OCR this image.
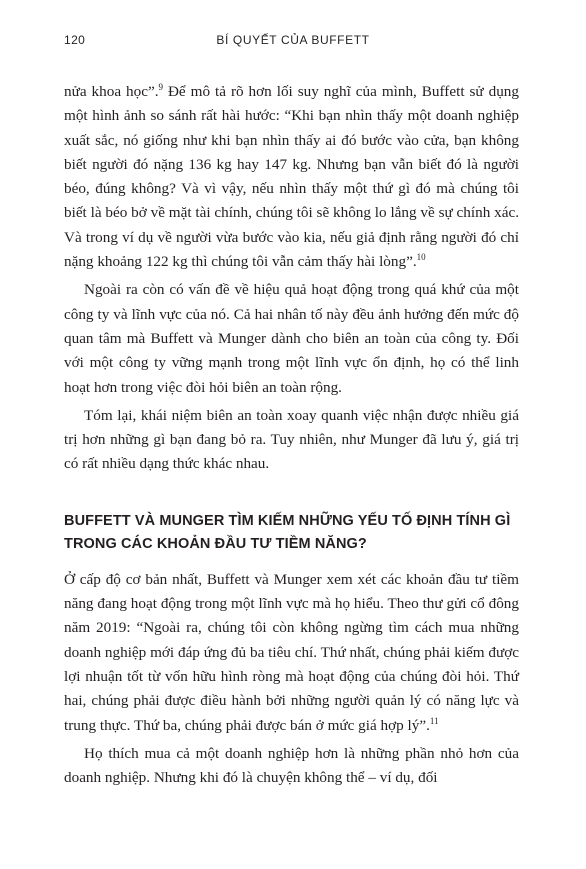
120	BÍ QUYẾT CỦA BUFFETT

nửa khoa học”.$^9$ Để mô tả rõ hơn lối suy nghĩ của mình, Buffett sử dụng một hình ảnh so sánh rất hài hước: “Khi bạn nhìn thấy một doanh nghiệp xuất sắc, nó giống như khi bạn nhìn thấy ai đó bước vào cửa, bạn không biết người đó nặng 136 kg hay 147 kg. Nhưng bạn vẫn biết đó là người béo, đúng không? Và vì vậy, nếu nhìn thấy một thứ gì đó mà chúng tôi biết là béo bở về mặt tài chính, chúng tôi sẽ không lo lắng về sự chính xác. Và trong ví dụ về người vừa bước vào kia, nếu giả định rằng người đó chỉ nặng khoảng 122 kg thì chúng tôi vẫn cảm thấy hài lòng”.$^{10}$

Ngoài ra còn có vấn đề về hiệu quả hoạt động trong quá khứ của một công ty và lĩnh vực của nó. Cả hai nhân tố này đều ảnh hưởng đến mức độ quan tâm mà Buffett và Munger dành cho biên an toàn của công ty. Đối với một công ty vững mạnh trong một lĩnh vực ổn định, họ có thể linh hoạt hơn trong việc đòi hỏi biên an toàn rộng.

Tóm lại, khái niệm biên an toàn xoay quanh việc nhận được nhiều giá trị hơn những gì bạn đang bỏ ra. Tuy nhiên, như Munger đã lưu ý, giá trị có rất nhiều dạng thức khác nhau.

BUFFETT VÀ MUNGER TÌM KIẾM NHỮNG YẾU TỐ ĐỊNH TÍNH GÌ TRONG CÁC KHOẢN ĐẦU TƯ TIỀM NĂNG?

Ở cấp độ cơ bản nhất, Buffett và Munger xem xét các khoản đầu tư tiềm năng đang hoạt động trong một lĩnh vực mà họ hiểu. Theo thư gửi cổ đông năm 2019: “Ngoài ra, chúng tôi còn không ngừng tìm cách mua những doanh nghiệp mới đáp ứng đủ ba tiêu chí. Thứ nhất, chúng phải kiếm được lợi nhuận tốt từ vốn hữu hình ròng mà hoạt động của chúng đòi hỏi. Thứ hai, chúng phải được điều hành bởi những người quản lý có năng lực và trung thực. Thứ ba, chúng phải được bán ở mức giá hợp lý”.$^{11}$

Họ thích mua cả một doanh nghiệp hơn là những phần nhỏ hơn của doanh nghiệp. Nhưng khi đó là chuyện không thể – ví dụ, đối
